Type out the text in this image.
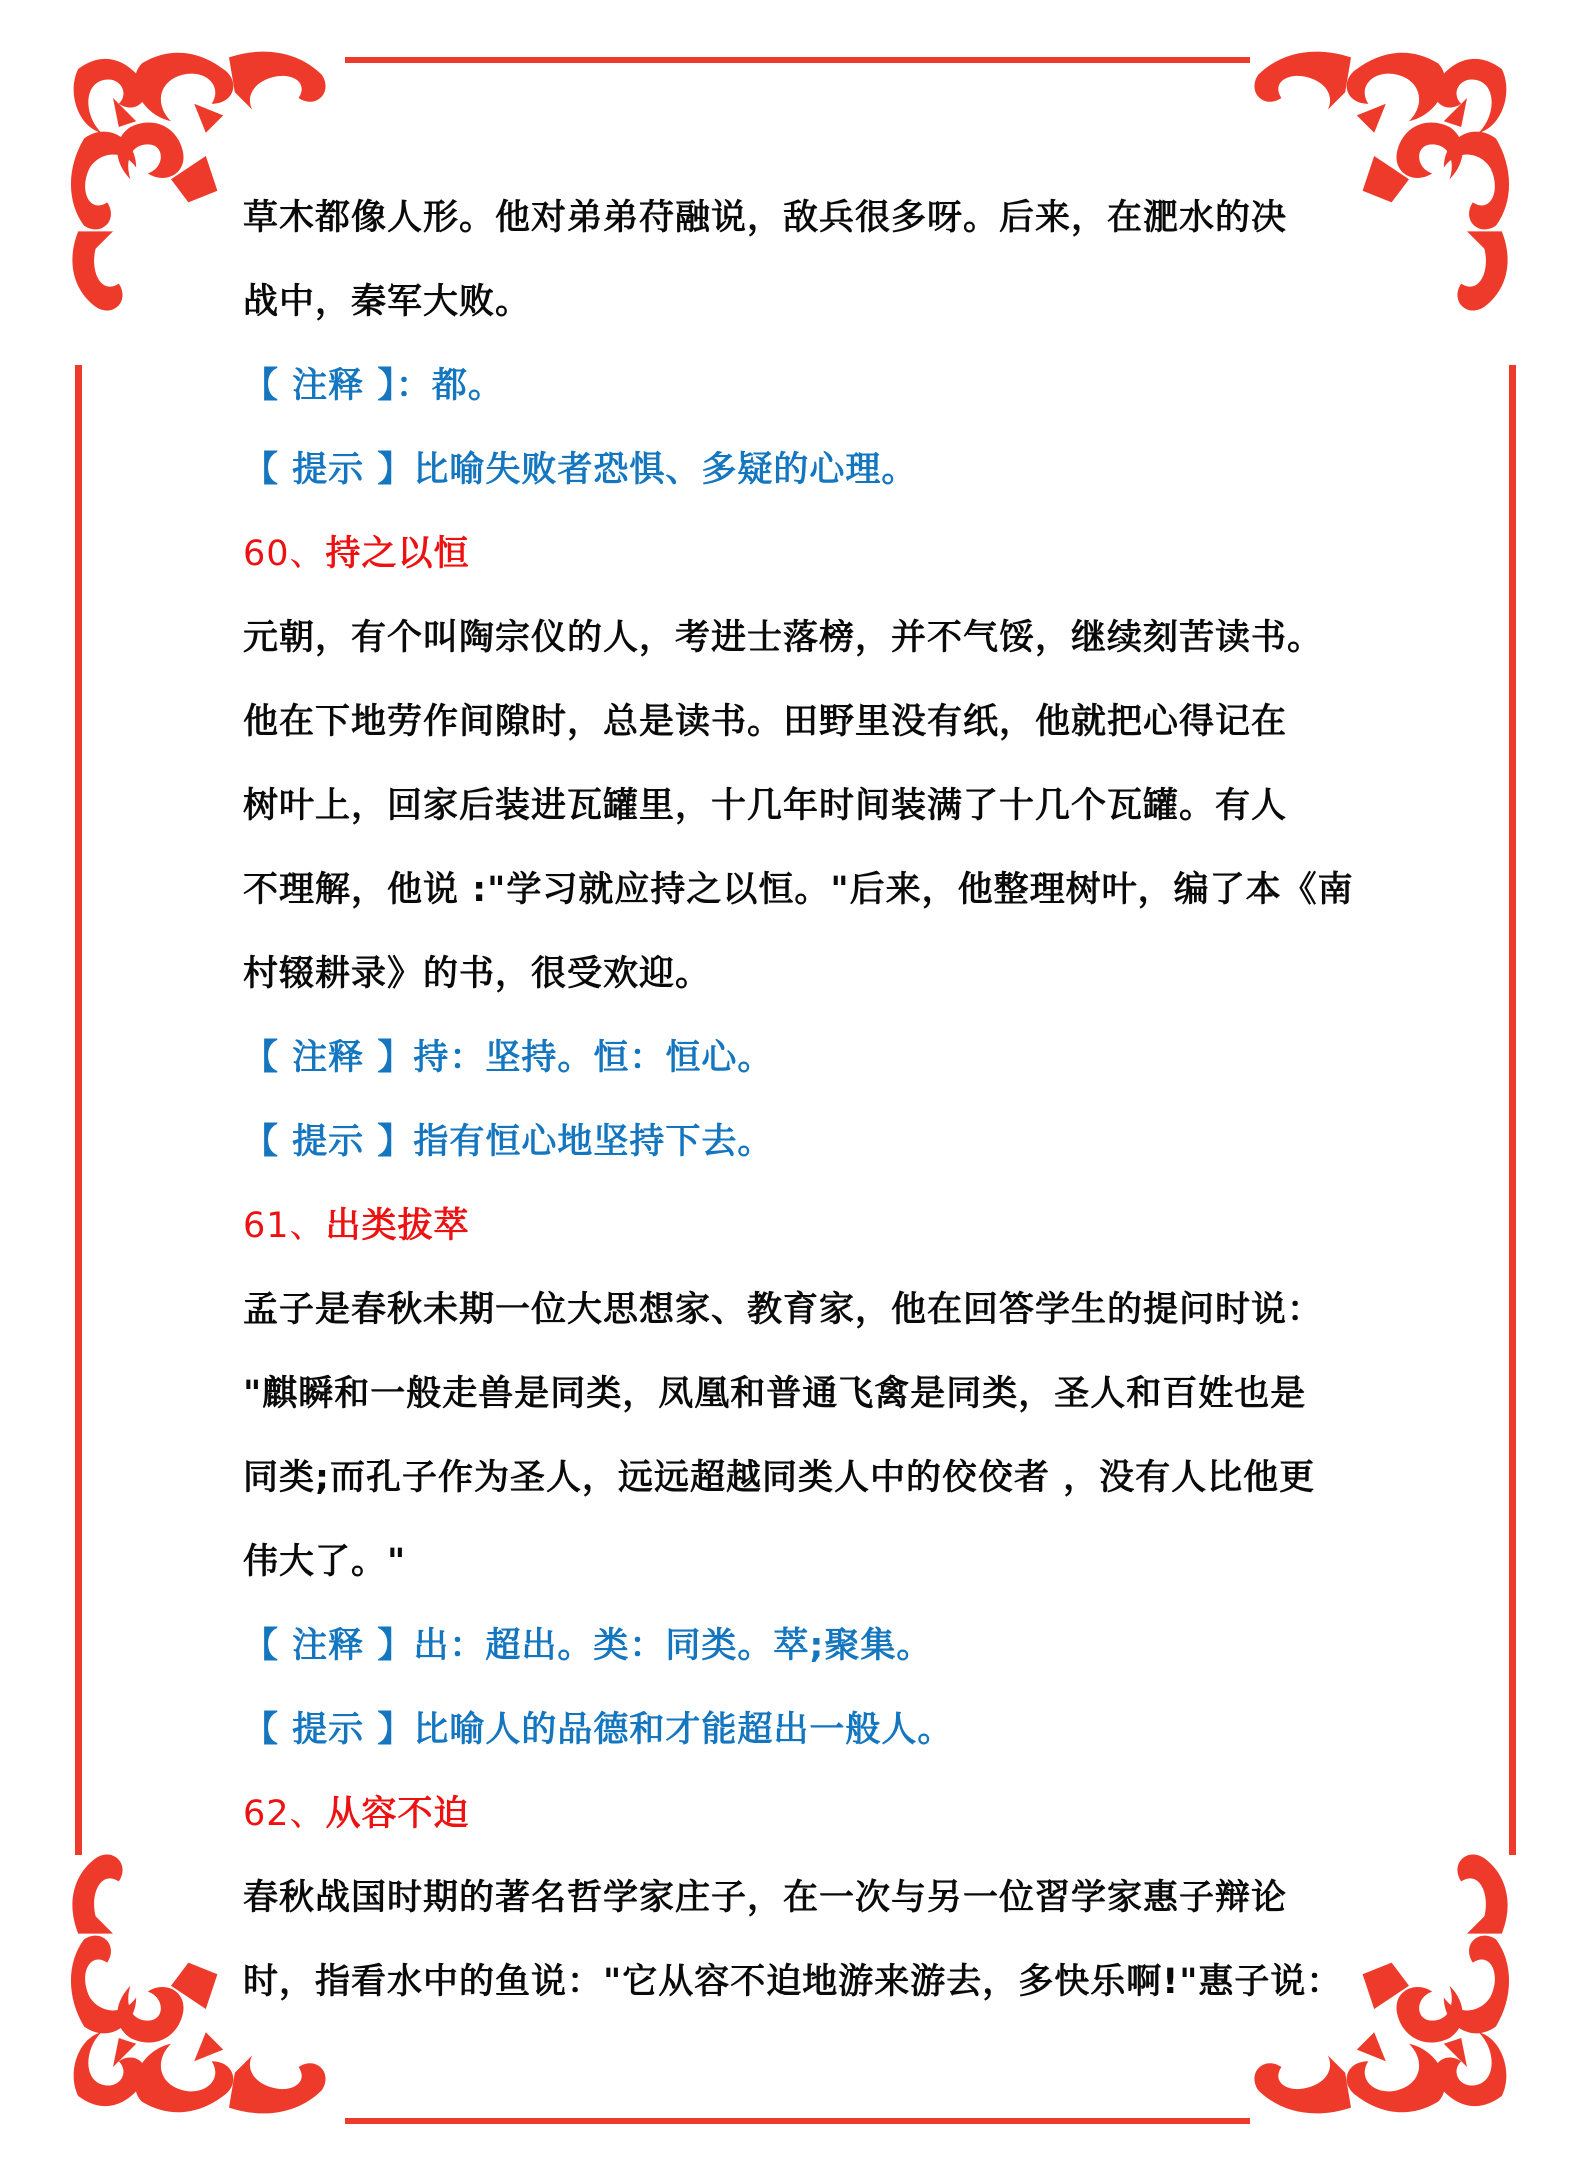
草木都像人形。他对弟弟苻融说，敌兵很多呀。后来，在淝水的决
战中，秦军大败。
【 注释 】：都。
【 提示 】比喻失败者恐惧、多疑的心理。
60、持之以恒
元朝，有个叫陶宗仪的人，考进士落榜，并不气馁，继续刻苦读书。
他在下地劳作间隙时，总是读书。田野里没有纸，他就把心得记在
树叶上，回家后装进瓦罐里，十几年时间装满了十几个瓦罐。有人
不理解，他说 :"学习就应持之以恒。"后来，他整理树叶，编了本《南
村辍耕录》的书，很受欢迎。
【 注释 】持：坚持。恒：恒心。
【 提示 】指有恒心地坚持下去。
61、出类拔萃
孟子是春秋未期一位大思想家、教育家，他在回答学生的提问时说：
"麒瞬和一般走兽是同类，凤凰和普通飞禽是同类，圣人和百姓也是
同类;而孔子作为圣人，远远超越同类人中的佼佼者 ，没有人比他更
伟大了。"
【 注释 】出：超出。类：同类。萃;聚集。
【 提示 】比喻人的品德和才能超出一般人。
62、从容不迫
春秋战国时期的著名哲学家庄子，在一次与另一位習学家惠子辩论
时，指看水中的鱼说："它从容不迫地游来游去，多快乐啊!"惠子说：
